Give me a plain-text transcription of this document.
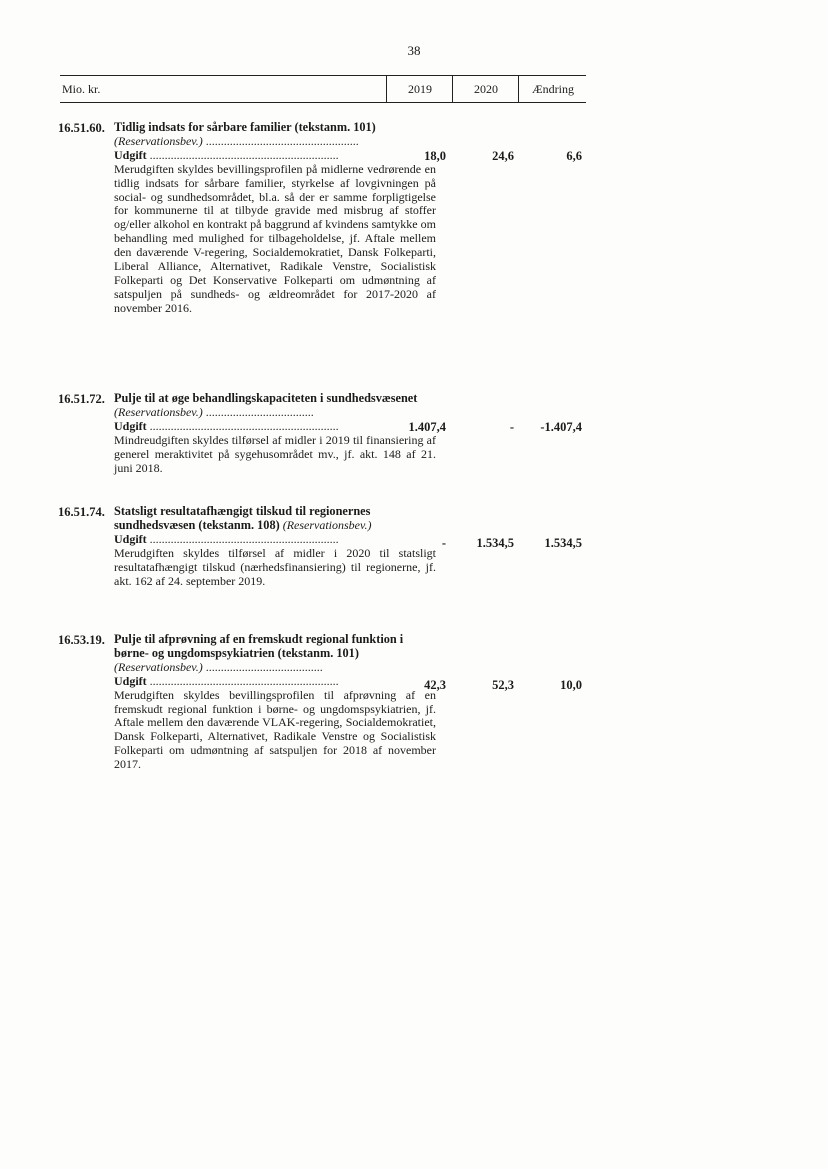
38
Mio. kr.	2019	2020	Ændring
16.51.60. Tidlig indsats for sårbare familier (tekstanm. 101)
(Reservationsbev.) ...................................................
Udgift ...............................................................
Merudgiften skyldes bevillingsprofilen på midlerne vedrørende en tidlig indsats for sårbare familier, styrkelse af lovgivningen på social- og sundhedsområdet, bl.a. så der er samme forpligtigelse for kommunerne til at tilbyde gravide med misbrug af stoffer og/eller alkohol en kontrakt på baggrund af kvindens samtykke om behandling med mulighed for tilbageholdelse, jf. Aftale mellem den daværende V-regering, Socialdemokratiet, Dansk Folkeparti, Liberal Alliance, Alternativet, Radikale Venstre, Socialistisk Folkeparti og Det Konservative Folkeparti om udmøntning af satspuljen på sundheds- og ældreområdet for 2017-2020 af november 2016.
18,0	24,6	6,6
16.51.72. Pulje til at øge behandlingskapaciteten i sundhedsvæsenet (Reservationsbev.) ....................................
Udgift ...............................................................
Mindreudgiften skyldes tilførsel af midler i 2019 til finansiering af generel meraktivitet på sygehusområdet mv., jf. akt. 148 af 21. juni 2018.
1.407,4	-	-1.407,4
16.51.74. Statsligt resultatafhængigt tilskud til regionernes sundhedsvæsen (tekstanm. 108) (Reservationsbev.)
Udgift ...............................................................
Merudgiften skyldes tilførsel af midler i 2020 til statsligt resultatafhængigt tilskud (nærhedsfinansiering) til regionerne, jf. akt. 162 af 24. september 2019.
-	1.534,5	1.534,5
16.53.19. Pulje til afprøvning af en fremskudt regional funktion i børne- og ungdomspsykiatrien (tekstanm. 101) (Reservationsbev.) .......................................
Udgift ...............................................................
Merudgiften skyldes bevillingsprofilen til afprøvning af en fremskudt regional funktion i børne- og ungdomspsykiatrien, jf. Aftale mellem den daværende VLAK-regering, Socialdemokratiet, Dansk Folkeparti, Alternativet, Radikale Venstre og Socialistisk Folkeparti om udmøntning af satspuljen for 2018 af november 2017.
42,3	52,3	10,0
